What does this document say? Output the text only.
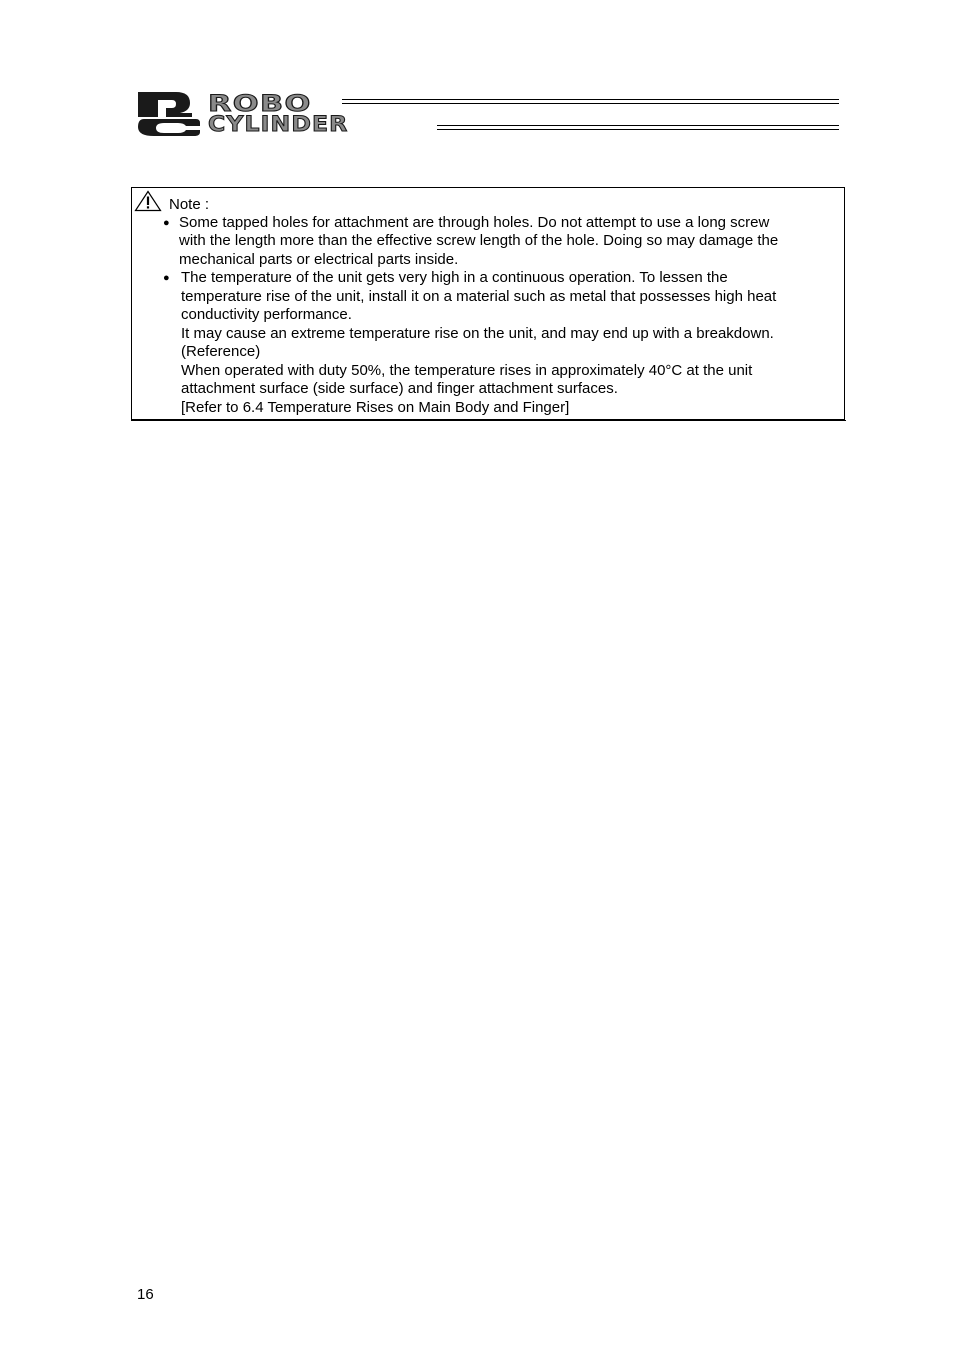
ROBO
CYLINDER
Note :
● Some tapped holes for attachment are through holes. Do not attempt to use a long screw
with the length more than the effective screw length of the hole. Doing so may damage the
mechanical parts or electrical parts inside.
● The temperature of the unit gets very high in a continuous operation. To lessen the
temperature rise of the unit, install it on a material such as metal that possesses high heat
conductivity performance.
It may cause an extreme temperature rise on the unit, and may end up with a breakdown.
(Reference)
When operated with duty 50%, the temperature rises in approximately 40°C at the unit
attachment surface (side surface) and finger attachment surfaces.
[Refer to 6.4 Temperature Rises on Main Body and Finger]
16
